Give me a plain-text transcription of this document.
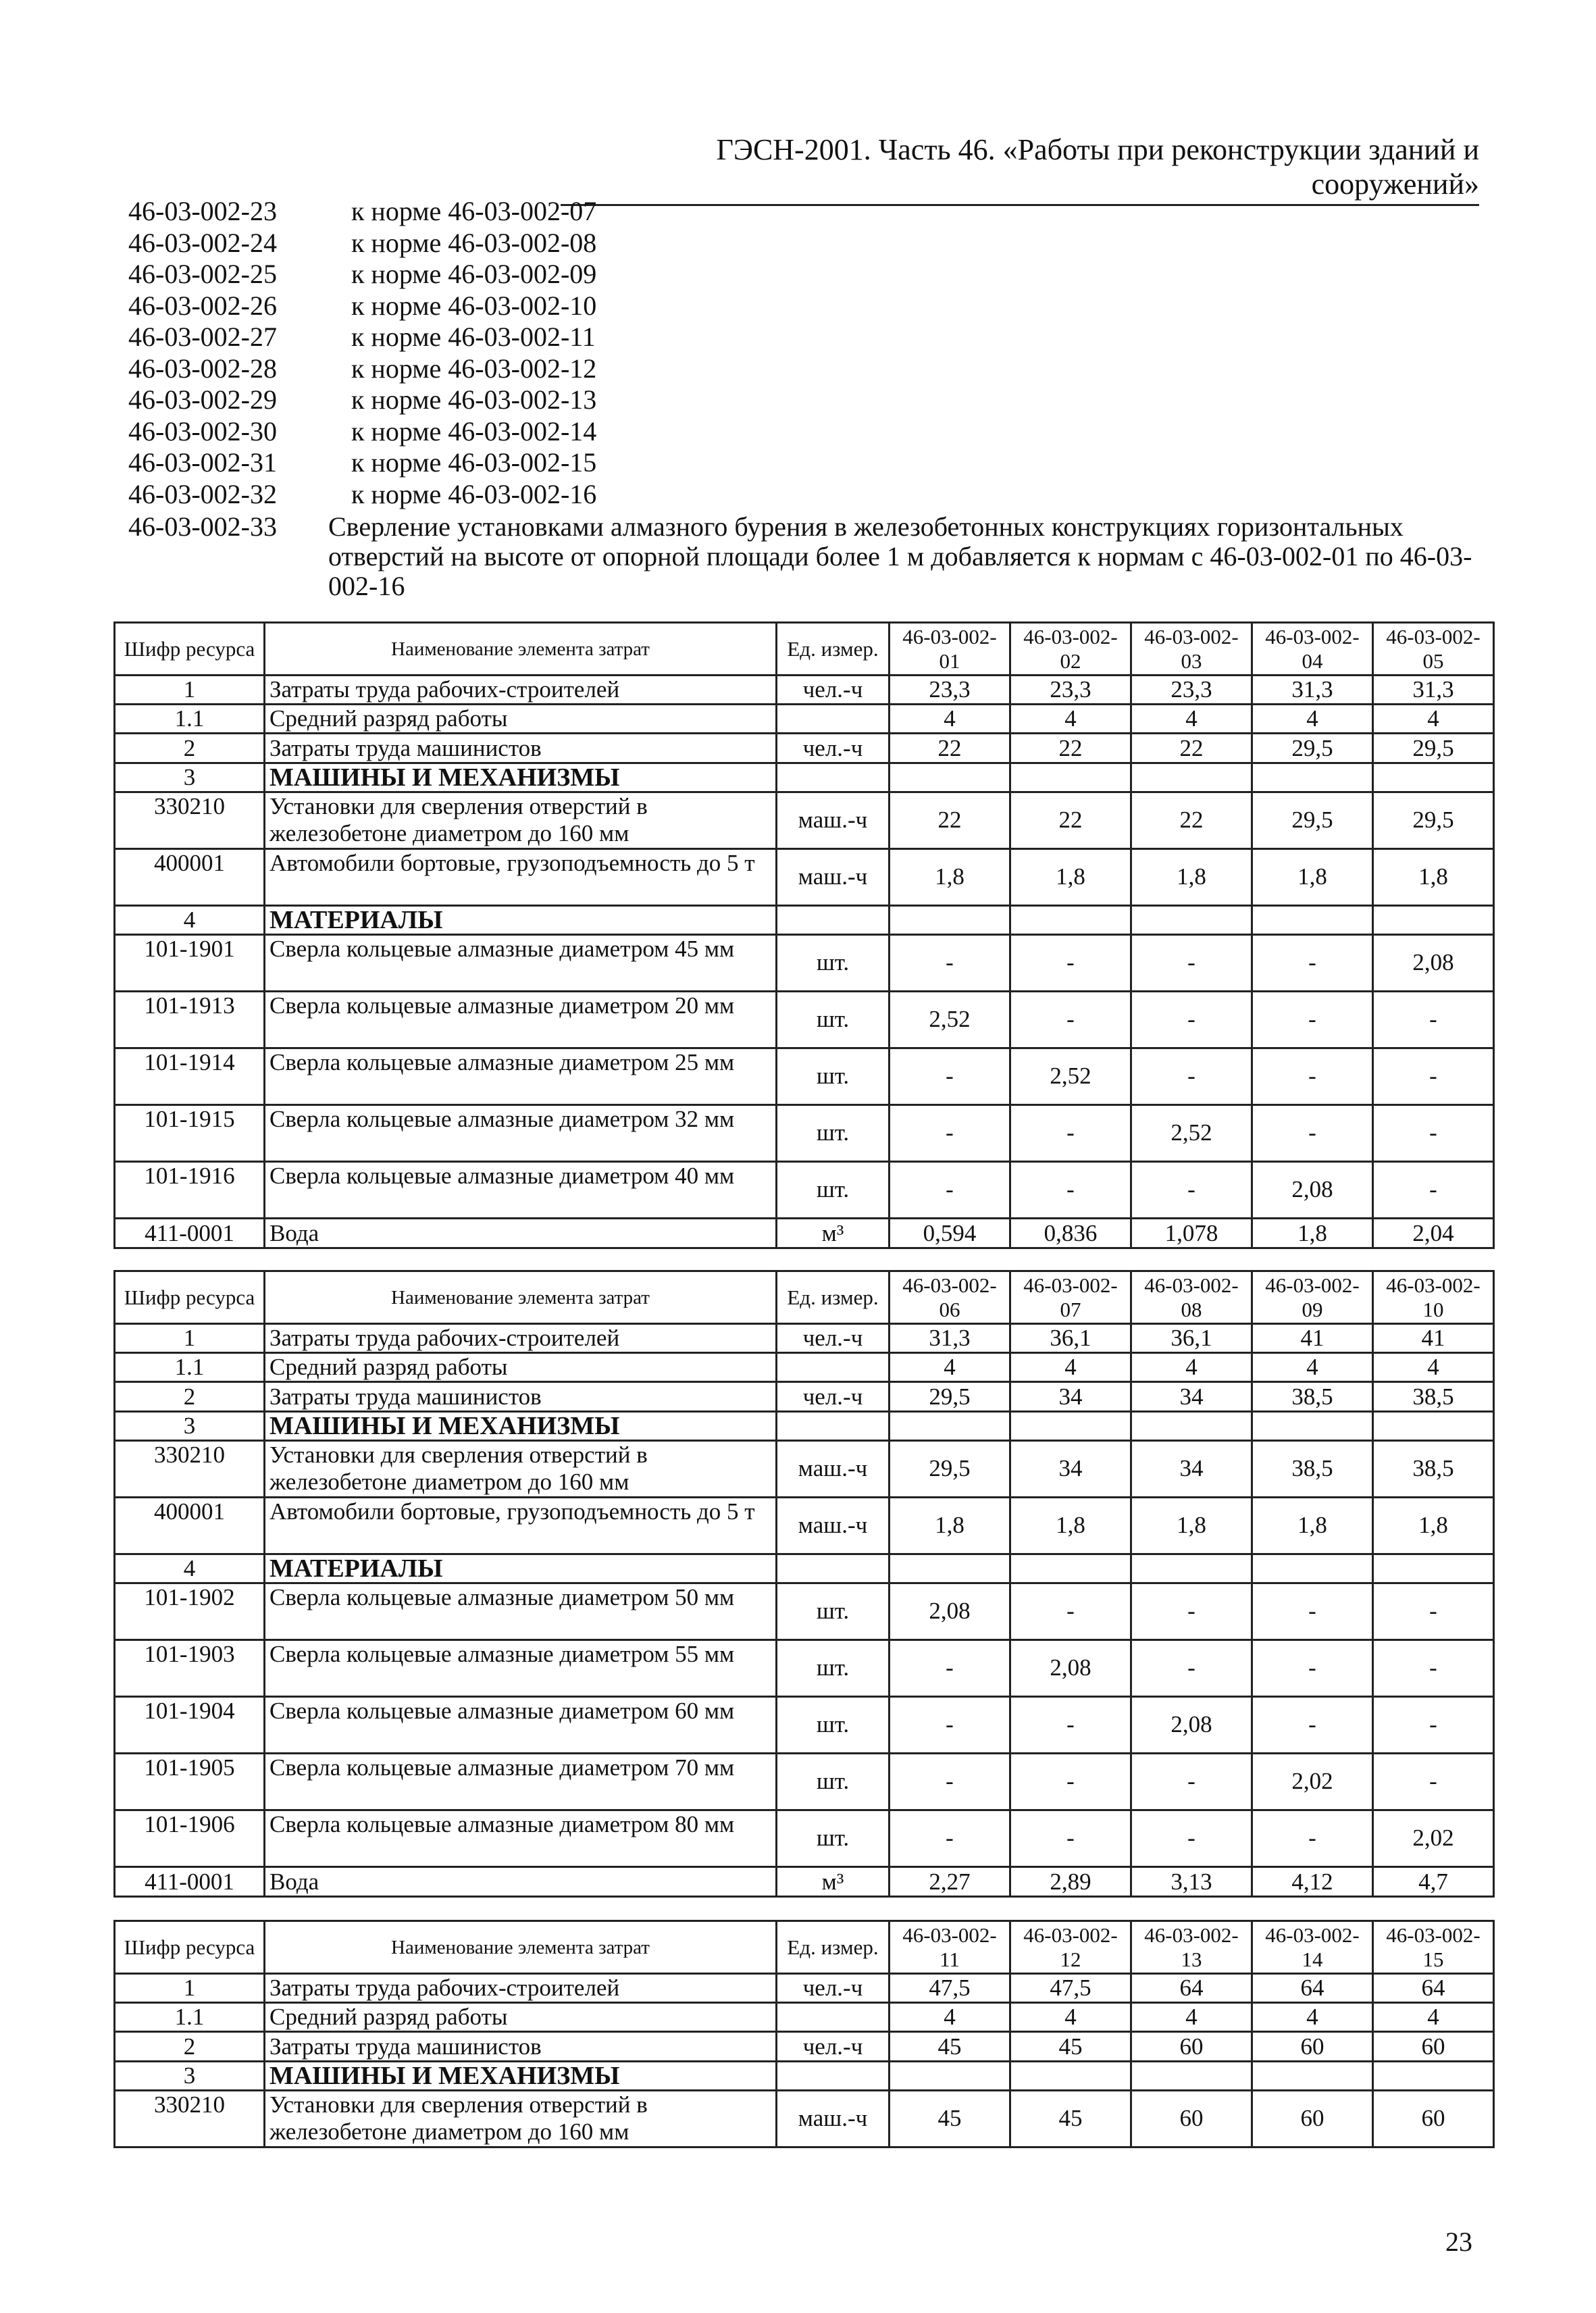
ГЭСН-2001. Часть 46. «Работы при реконструкции зданий и сооружений»
46-03-002-23	к норме 46-03-002-07
46-03-002-24	к норме 46-03-002-08
46-03-002-25	к норме 46-03-002-09
46-03-002-26	к норме 46-03-002-10
46-03-002-27	к норме 46-03-002-11
46-03-002-28	к норме 46-03-002-12
46-03-002-29	к норме 46-03-002-13
46-03-002-30	к норме 46-03-002-14
46-03-002-31	к норме 46-03-002-15
46-03-002-32	к норме 46-03-002-16
46-03-002-33 Сверление установками алмазного бурения в железобетонных конструкциях горизонтальных отверстий на высоте от опорной площади более 1 м добавляется к нормам с 46-03-002-01 по 46-03-002-16
Шифр ресурса	Наименование элемента затрат	Ед. измер.	46-03-002-01	46-03-002-02	46-03-002-03	46-03-002-04	46-03-002-05
1	Затраты труда рабочих-строителей	чел.-ч	23,3	23,3	23,3	31,3	31,3
1.1	Средний разряд работы		4	4	4	4	4
2	Затраты труда машинистов	чел.-ч	22	22	22	29,5	29,5
3	МАШИНЫ И МЕХАНИЗМЫ						
330210	Установки для сверления отверстий в железобетоне диаметром до 160 мм	маш.-ч	22	22	22	29,5	29,5
400001	Автомобили бортовые, грузоподъемность до 5 т	маш.-ч	1,8	1,8	1,8	1,8	1,8
4	МАТЕРИАЛЫ						
101-1901	Сверла кольцевые алмазные диаметром 45 мм	шт.	-	-	-	-	2,08
101-1913	Сверла кольцевые алмазные диаметром 20 мм	шт.	2,52	-	-	-	-
101-1914	Сверла кольцевые алмазные диаметром 25 мм	шт.	-	2,52	-	-	-
101-1915	Сверла кольцевые алмазные диаметром 32 мм	шт.	-	-	2,52	-	-
101-1916	Сверла кольцевые алмазные диаметром 40 мм	шт.	-	-	-	2,08	-
411-0001	Вода	м³	0,594	0,836	1,078	1,8	2,04
Шифр ресурса	Наименование элемента затрат	Ед. измер.	46-03-002-06	46-03-002-07	46-03-002-08	46-03-002-09	46-03-002-10
1	Затраты труда рабочих-строителей	чел.-ч	31,3	36,1	36,1	41	41
1.1	Средний разряд работы		4	4	4	4	4
2	Затраты труда машинистов	чел.-ч	29,5	34	34	38,5	38,5
3	МАШИНЫ И МЕХАНИЗМЫ						
330210	Установки для сверления отверстий в железобетоне диаметром до 160 мм	маш.-ч	29,5	34	34	38,5	38,5
400001	Автомобили бортовые, грузоподъемность до 5 т	маш.-ч	1,8	1,8	1,8	1,8	1,8
4	МАТЕРИАЛЫ						
101-1902	Сверла кольцевые алмазные диаметром 50 мм	шт.	2,08	-	-	-	-
101-1903	Сверла кольцевые алмазные диаметром 55 мм	шт.	-	2,08	-	-	-
101-1904	Сверла кольцевые алмазные диаметром 60 мм	шт.	-	-	2,08	-	-
101-1905	Сверла кольцевые алмазные диаметром 70 мм	шт.	-	-	-	2,02	-
101-1906	Сверла кольцевые алмазные диаметром 80 мм	шт.	-	-	-	-	2,02
411-0001	Вода	м³	2,27	2,89	3,13	4,12	4,7
Шифр ресурса	Наименование элемента затрат	Ед. измер.	46-03-002-11	46-03-002-12	46-03-002-13	46-03-002-14	46-03-002-15
1	Затраты труда рабочих-строителей	чел.-ч	47,5	47,5	64	64	64
1.1	Средний разряд работы		4	4	4	4	4
2	Затраты труда машинистов	чел.-ч	45	45	60	60	60
3	МАШИНЫ И МЕХАНИЗМЫ						
330210	Установки для сверления отверстий в железобетоне диаметром до 160 мм	маш.-ч	45	45	60	60	60
23
